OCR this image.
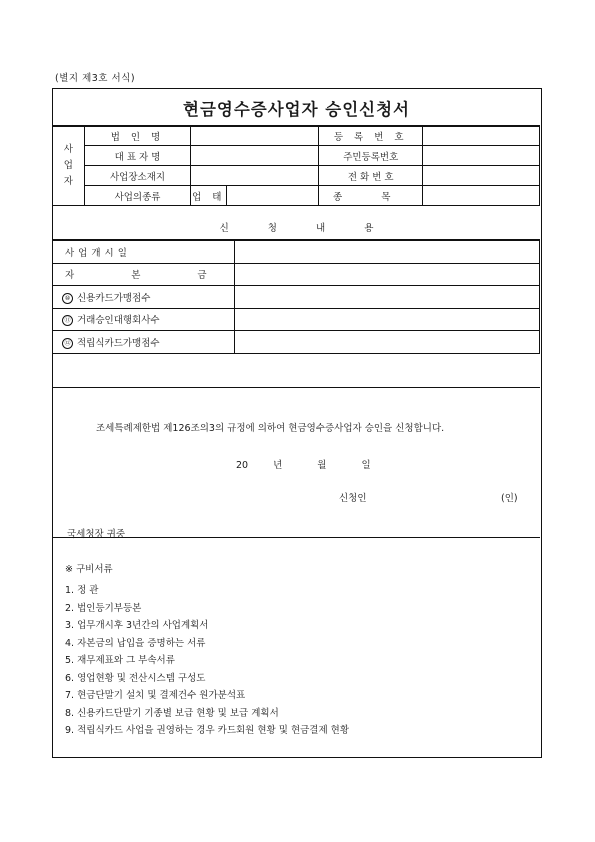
(별지 제3호 서식)
현금영수증사업자 승인신청서
사
업
자	법 인 명			등 록 번 호	
	대 표 자 명			주민등록번호	
	사업장소재지			전 화 번 호	
	사업의종류	업 태		종 목	
신 청 내 용
사업개시일	
자 본 금	
⑩ 신용카드가맹점수	
⑪ 거래승인대행회사수	
⑫ 적립식카드가맹점수	
조세특례제한법 제126조의3의 규정에 의하여 현금영수증사업자 승인을 신청합니다.
20	년	월	일
신청인	(인)
국세청장 귀중
※ 구비서류
1. 정 관
2. 법인등기부등본
3. 업무개시후 3년간의 사업계획서
4. 자본금의 납입을 증명하는 서류
5. 재무제표와 그 부속서류
6. 영업현황 및 전산시스템 구성도
7. 현금단말기 설치 및 결제건수 원가분석표
8. 신용카드단말기 기종별 보급 현황 및 보급 계획서
9. 적립식카드 사업을 권영하는 경우 카드회원 현황 및 현금결제 현황
